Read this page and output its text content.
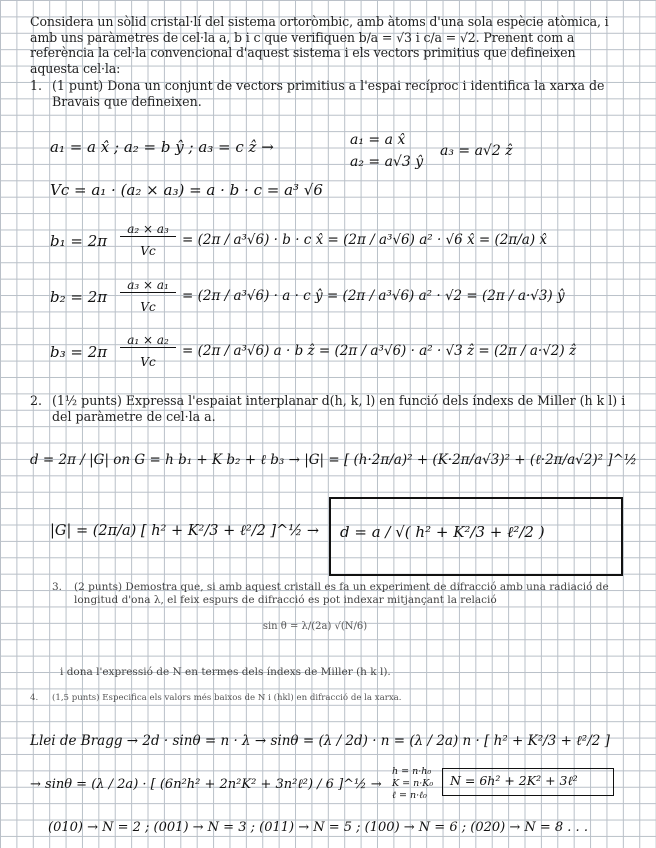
Considera un sòlid cristal·lí del sistema ortoròmbic, amb àtoms d'una sola espècie atòmica, i amb uns paràmetres de cel·la a, b i c que verifiquen b/a = √3 i c/a = √2. Prenent com a referència la cel·la convencional d'aquest sistema i els vectors primitius que defineixen aquesta cel·la:
1. (1 punt) Dona un conjunt de vectors primitius a l'espai recíproc i identifica la xarxa de Bravais que defineixen.
2. (1½ punts) Expressa l'espaiat interplanar d(h, k, l) en funció dels índexs de Miller (h k l) i del paràmetre de cel·la a.
3. (2 punts) Demostra que, si amb aquest cristall es fa un experiment de difracció amb una radiació de longitud d'ona λ, el feix espurs de difracció es pot indexar mitjançant la relació
sin θ = λ/(2a) √(N/6)
i dona l'expressió de N en termes dels índexs de Miller (h k l).
4. (1,5 punts) Especifica els valors més baixos de N i (hkl) en difracció de la xarxa.
a₁ = a x̂ ; a₂ = b ŷ ; a₃ = c ẑ →	a₁ = a x̂
a₂ = a√3 ŷ
a₃ = a√2 ẑ
Vc = a₁ · (a₂ × a₃) = a · b · c = a³ √6
b₁ = 2π
a₂ × a₃
Vc
= (2π / a³√6) · b · c x̂ = (2π / a³√6) a² · √6 x̂ = (2π/a) x̂
b₂ = 2π
a₃ × a₁
Vc
= (2π / a³√6) · a · c ŷ = (2π / a³√6) a² · √2 = (2π / a·√3) ŷ
b₃ = 2π
a₁ × a₂
Vc
= (2π / a³√6) a · b ẑ = (2π / a³√6) · a² · √3 ẑ = (2π / a·√2) ẑ
d = 2π / |G| on G = h b₁ + K b₂ + ℓ b₃ → |G| = [ (h·2π/a)² + (K·2π/a√3)² + (ℓ·2π/a√2)² ]^½
|G| = (2π/a) [ h² + K²/3 + ℓ²/2 ]^½ → d = a / √( h² + K²/3 + ℓ²/2 )
Llei de Bragg → 2d · sinθ = n · λ → sinθ = (λ / 2d) · n = (λ / 2a) n · [ h² + K²/3 + ℓ²/2 ]
→ sinθ = (λ / 2a) · [ (6n²h² + 2n²K² + 3n²ℓ²) / 6 ]^½ →
h = n·h₀
K = n·K₀
ℓ = n·ℓ₀
N = 6h² + 2K² + 3ℓ²
(010) → N = 2 ; (001) → N = 3 ; (011) → N = 5 ; (100) → N = 6 ; (020) → N = 8 . . .
